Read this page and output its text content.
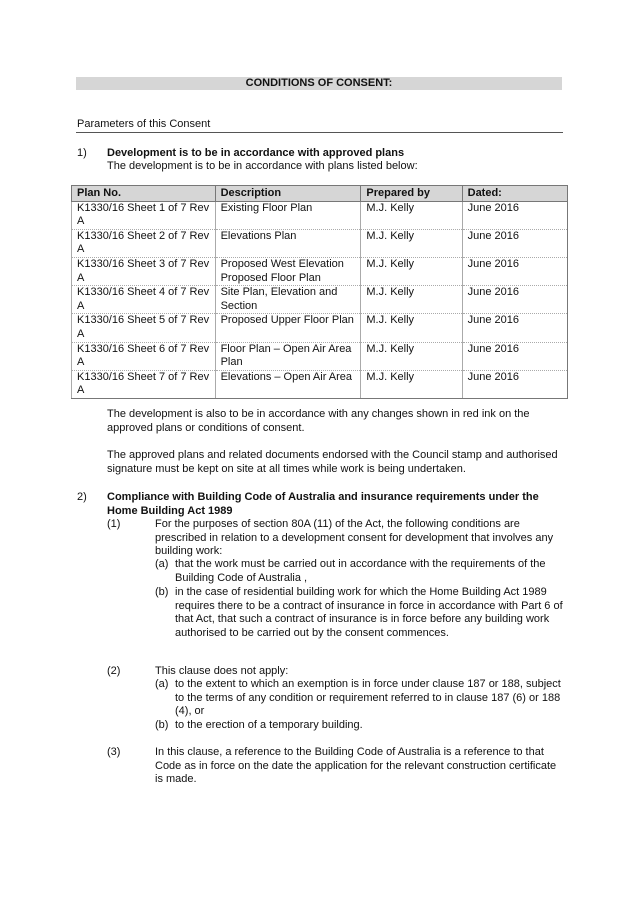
CONDITIONS OF CONSENT:
Parameters of this Consent
1) Development is to be in accordance with approved plans
The development is to be in accordance with plans listed below:
Plan No.	Description	Prepared by	Dated:
K1330/16 Sheet 1 of 7 Rev A	Existing Floor Plan	M.J. Kelly	June 2016
K1330/16 Sheet 2 of 7 Rev A	Elevations Plan	M.J. Kelly	June 2016
K1330/16 Sheet 3 of 7 Rev A	Proposed West Elevation Proposed Floor Plan	M.J. Kelly	June 2016
K1330/16 Sheet 4 of 7 Rev A	Site Plan, Elevation and Section	M.J. Kelly	June 2016
K1330/16 Sheet 5 of 7 Rev A	Proposed Upper Floor Plan	M.J. Kelly	June 2016
K1330/16 Sheet 6 of 7 Rev A	Floor Plan – Open Air Area Plan	M.J. Kelly	June 2016
K1330/16 Sheet 7 of 7 Rev A	Elevations – Open Air Area	M.J. Kelly	June 2016
The development is also to be in accordance with any changes shown in red ink on the approved plans or conditions of consent.
The approved plans and related documents endorsed with the Council stamp and authorised signature must be kept on site at all times while work is being undertaken.
2) Compliance with Building Code of Australia and insurance requirements under the Home Building Act 1989
(1)	For the purposes of section 80A (11) of the Act, the following conditions are prescribed in relation to a development consent for development that involves any building work:
(a) that the work must be carried out in accordance with the requirements of the Building Code of Australia ,
(b) in the case of residential building work for which the Home Building Act 1989 requires there to be a contract of insurance in force in accordance with Part 6 of that Act, that such a contract of insurance is in force before any building work authorised to be carried out by the consent commences.
(2)	This clause does not apply:
(a) to the extent to which an exemption is in force under clause 187 or 188, subject to the terms of any condition or requirement referred to in clause 187 (6) or 188 (4), or
(b) to the erection of a temporary building.
(3)	In this clause, a reference to the Building Code of Australia is a reference to that Code as in force on the date the application for the relevant construction certificate is made.
